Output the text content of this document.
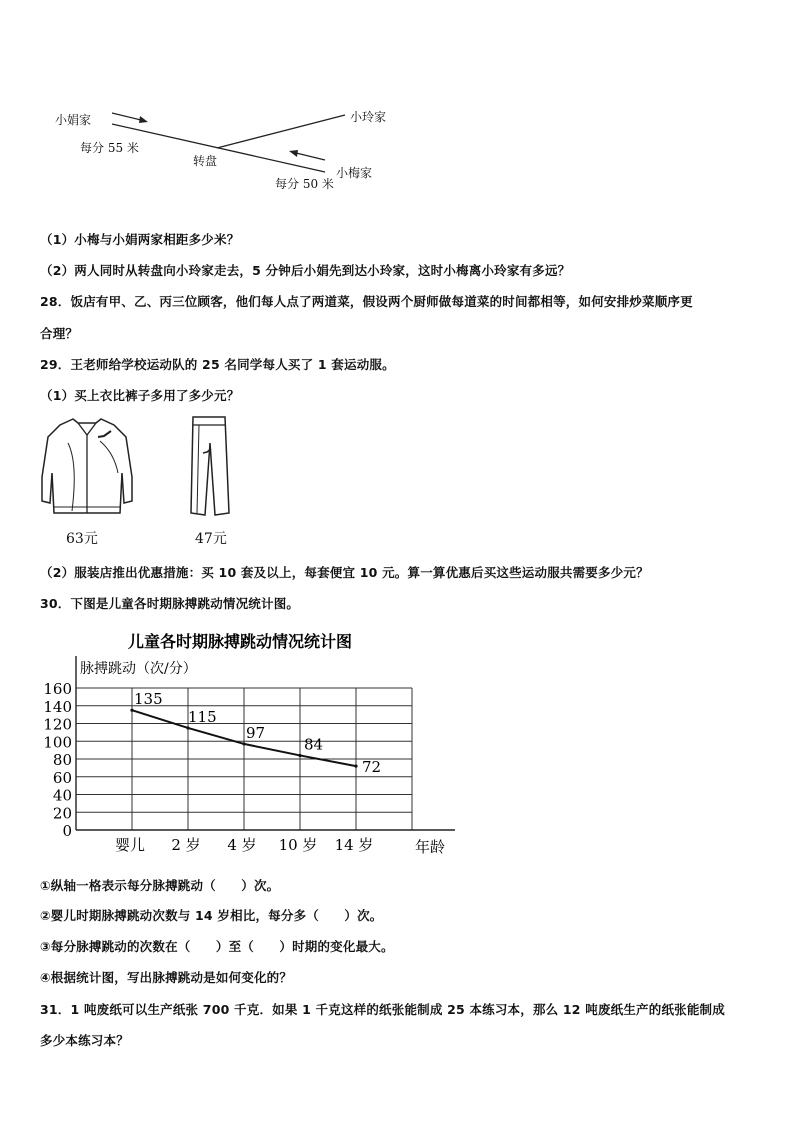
小娟家	小玲家
小梅家
转盘
每分 55 米
每分 50 米
（1）小梅与小娟两家相距多少米？
（2）两人同时从转盘向小玲家走去，5 分钟后小娟先到达小玲家，这时小梅离小玲家有多远？
28．饭店有甲、乙、丙三位顾客，他们每人点了两道菜，假设两个厨师做每道菜的时间都相等，如何安排炒菜顺序更
合理？
29．王老师给学校运动队的 25 名同学每人买了 1 套运动服。
（1）买上衣比裤子多用了多少元？
63元	47元
（2）服装店推出优惠措施：买 10 套及以上，每套便宜 10 元。算一算优惠后买这些运动服共需要多少元？
30．下图是儿童各时期脉搏跳动情况统计图。
儿童各时期脉搏跳动情况统计图
脉搏跳动（次/分）
0
20
40
60
80
100
120
140
160
婴儿 2 岁 4 岁 10 岁 14 岁	年龄
135
115
97
84
72
①纵轴一格表示每分脉搏跳动（　　）次。
②婴儿时期脉搏跳动次数与 14 岁相比，每分多（　　）次。
③每分脉搏跳动的次数在（　　）至（　　）时期的变化最大。
④根据统计图，写出脉搏跳动是如何变化的？
31．1 吨废纸可以生产纸张 700 千克．如果 1 千克这样的纸张能制成 25 本练习本，那么 12 吨废纸生产的纸张能制成
多少本练习本？
